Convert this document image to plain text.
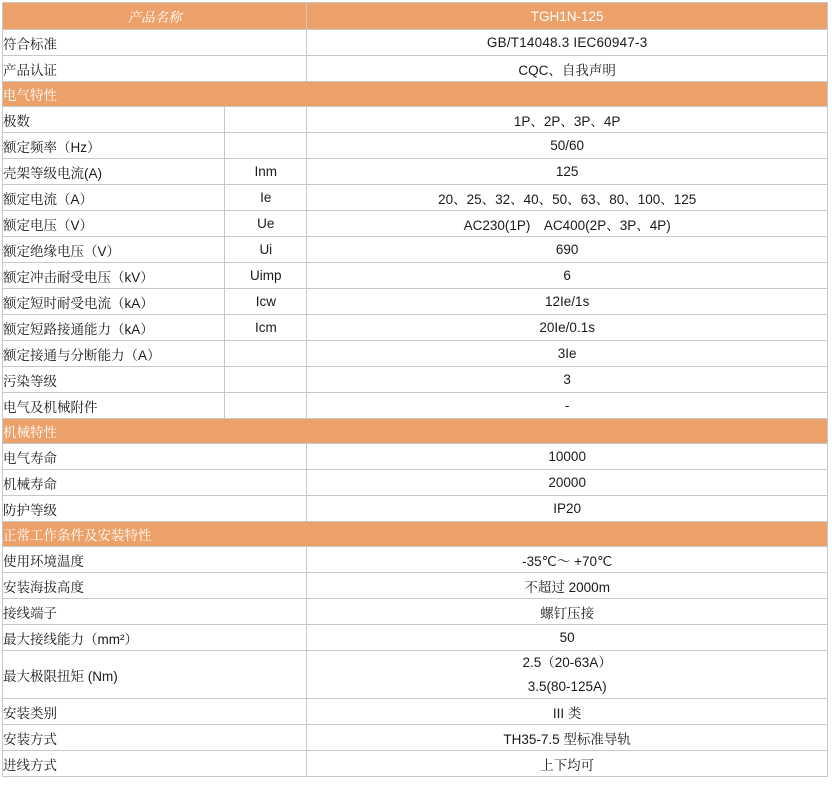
产品名称		TGH1N-125
符合标准		GB/T14048.3 IEC60947-3
产品认证		CQC、自我声明
电气特性		
极数		1P、2P、3P、4P
额定频率（Hz）		50/60
壳架等级电流(A)	Inm	125
额定电流（A）	Ie	20、25、32、40、50、63、80、100、125
额定电压（V）	Ue	AC230(1P)　AC400(2P、3P、4P)
额定绝缘电压（V）	Ui	690
额定冲击耐受电压（kV）	Uimp	6
额定短时耐受电流（kA）	Icw	12Ie/1s
额定短路接通能力（kA）	Icm	20Ie/0.1s
额定接通与分断能力（A）		3Ie
污染等级		3
电气及机械附件		-
机械特性		
电气寿命		10000
机械寿命		20000
防护等级		IP20
正常工作条件及安装特性		
使用环境温度		-35℃～ +70℃
安装海拔高度		不超过 2000m
接线端子		螺钉压接
最大接线能力（mm²）		50
最大极限扭矩 (Nm)		2.5（20-63A）
3.5(80-125A)

安装类别		III 类
安装方式		TH35-7.5 型标准导轨
进线方式		上下均可
